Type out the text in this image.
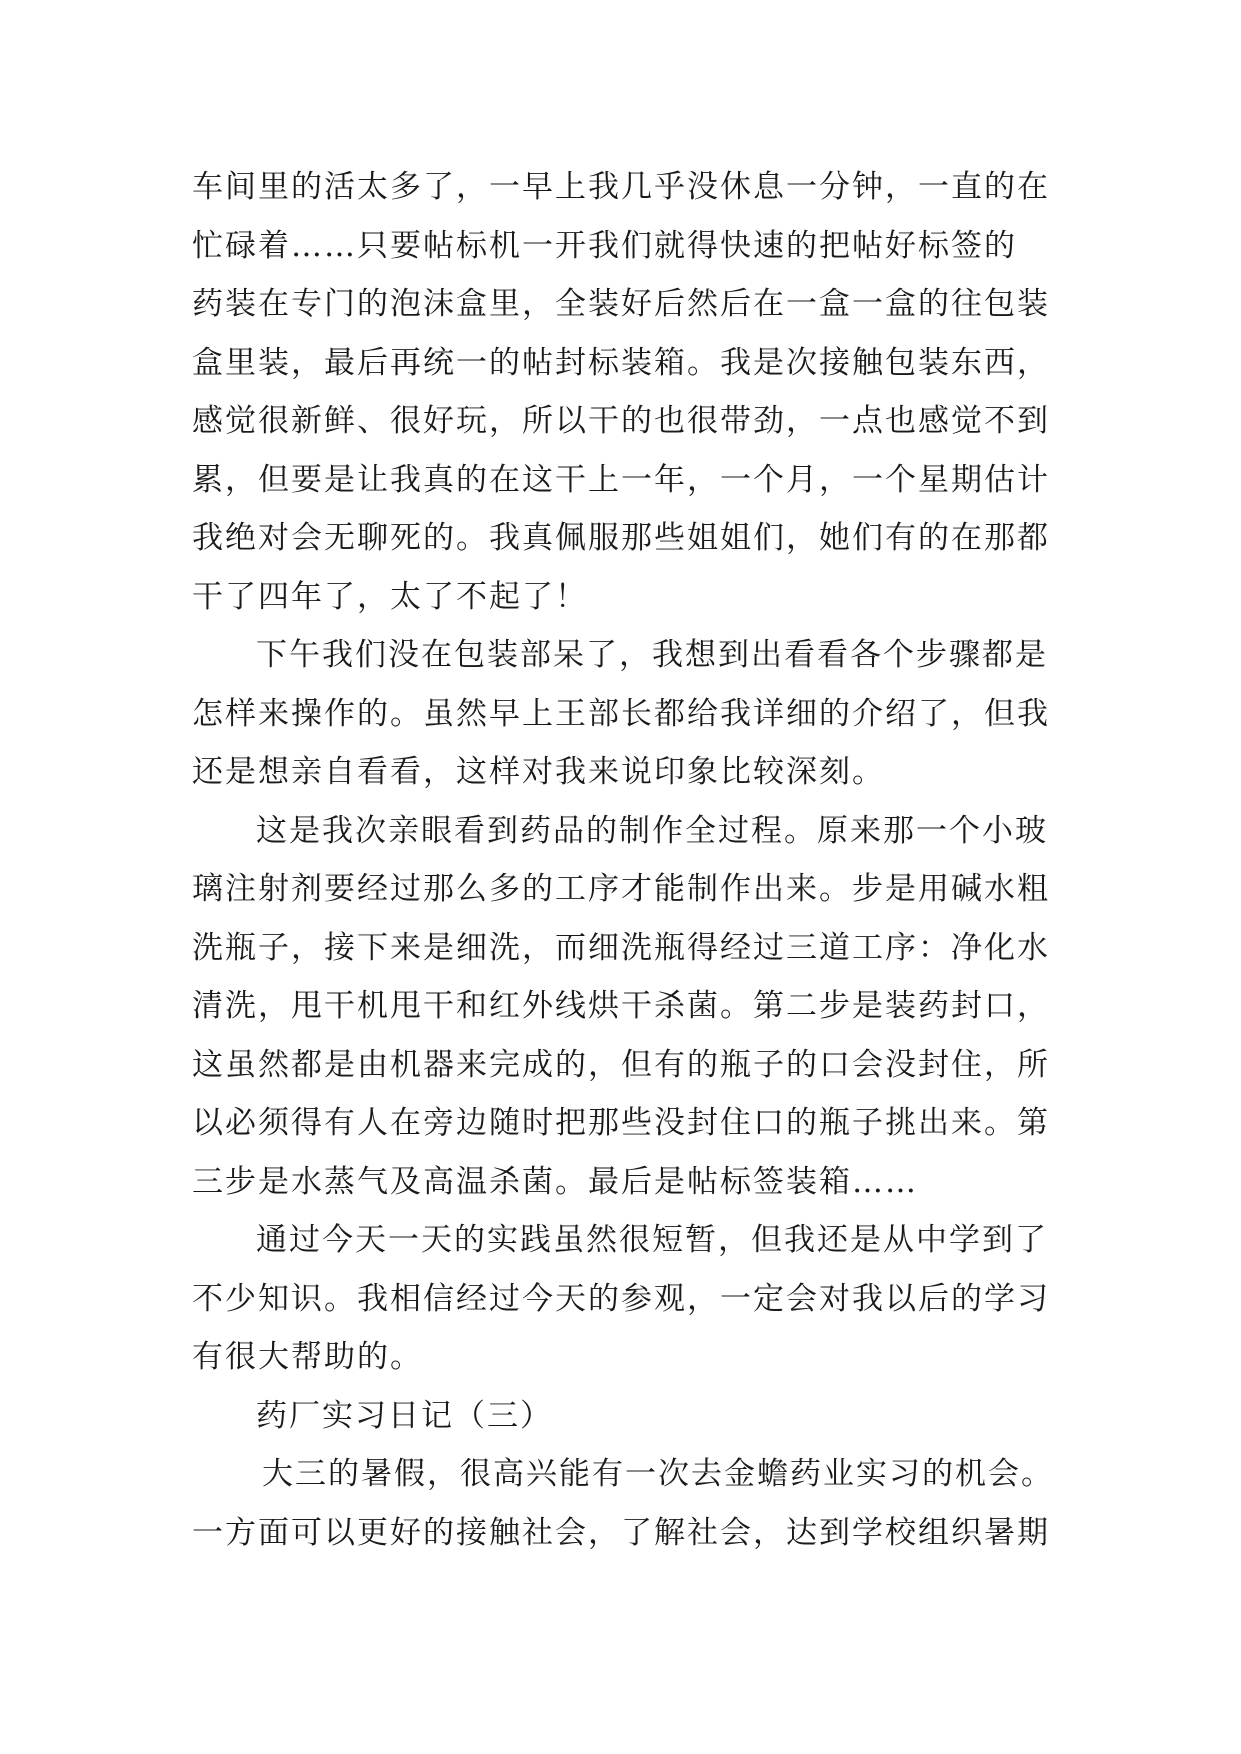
车间里的活太多了，一早上我几乎没休息一分钟，一直的在
忙碌着……只要帖标机一开我们就得快速的把帖好标签的
药装在专门的泡沫盒里，全装好后然后在一盒一盒的往包装
盒里装，最后再统一的帖封标装箱。我是次接触包装东西，
感觉很新鲜、很好玩，所以干的也很带劲，一点也感觉不到
累，但要是让我真的在这干上一年，一个月，一个星期估计
我绝对会无聊死的。我真佩服那些姐姐们，她们有的在那都
干了四年了，太了不起了！
下午我们没在包装部呆了，我想到出看看各个步骤都是
怎样来操作的。虽然早上王部长都给我详细的介绍了，但我
还是想亲自看看，这样对我来说印象比较深刻。
这是我次亲眼看到药品的制作全过程。原来那一个小玻
璃注射剂要经过那么多的工序才能制作出来。步是用碱水粗
洗瓶子，接下来是细洗，而细洗瓶得经过三道工序：净化水
清洗，甩干机甩干和红外线烘干杀菌。第二步是装药封口，
这虽然都是由机器来完成的，但有的瓶子的口会没封住，所
以必须得有人在旁边随时把那些没封住口的瓶子挑出来。第
三步是水蒸气及高温杀菌。最后是帖标签装箱……
通过今天一天的实践虽然很短暂，但我还是从中学到了
不少知识。我相信经过今天的参观，一定会对我以后的学习
有很大帮助的。
药厂实习日记（三）
大三的暑假，很高兴能有一次去金蟾药业实习的机会。
一方面可以更好的接触社会，了解社会，达到学校组织暑期
